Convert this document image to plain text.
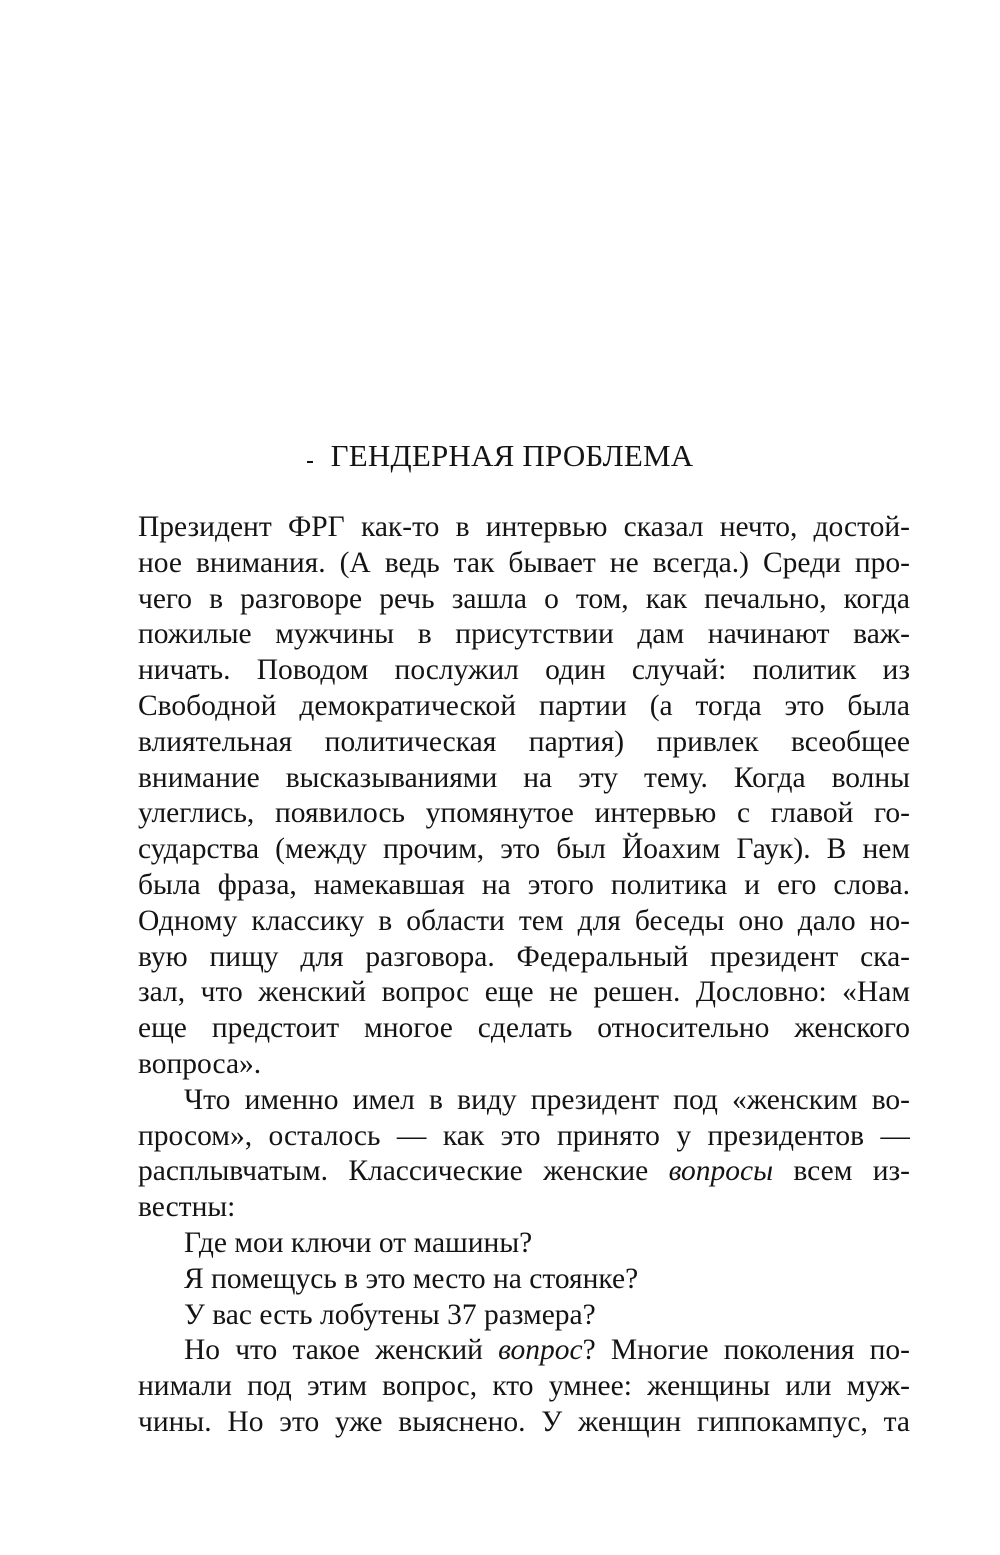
ГЕНДЕРНАЯ ПРОБЛЕМА
Президент ФРГ как-то в интервью сказал нечто, достой-
ное внимания. (А ведь так бывает не всегда.) Среди про-
чего в разговоре речь зашла о том, как печально, когда
пожилые мужчины в присутствии дам начинают важ-
ничать. Поводом послужил один случай: политик из
Свободной демократической партии (а тогда это была
влиятельная политическая партия) привлек всеобщее
внимание высказываниями на эту тему. Когда волны
улеглись, появилось упомянутое интервью с главой го-
сударства (между прочим, это был Йоахим Гаук). В нем
была фраза, намекавшая на этого политика и его слова.
Одному классику в области тем для беседы оно дало но-
вую пищу для разговора. Федеральный президент ска-
зал, что женский вопрос еще не решен. Дословно: «Нам
еще предстоит многое сделать относительно женского
вопроса».
Что именно имел в виду президент под «женским во-
просом», осталось — как это принято у президентов —
расплывчатым. Классические женские вопросы всем из-
вестны:
Где мои ключи от машины?
Я помещусь в это место на стоянке?
У вас есть лобутены 37 размера?
Но что такое женский вопрос? Многие поколения по-
нимали под этим вопрос, кто умнее: женщины или муж-
чины. Но это уже выяснено. У женщин гиппокампус, та
